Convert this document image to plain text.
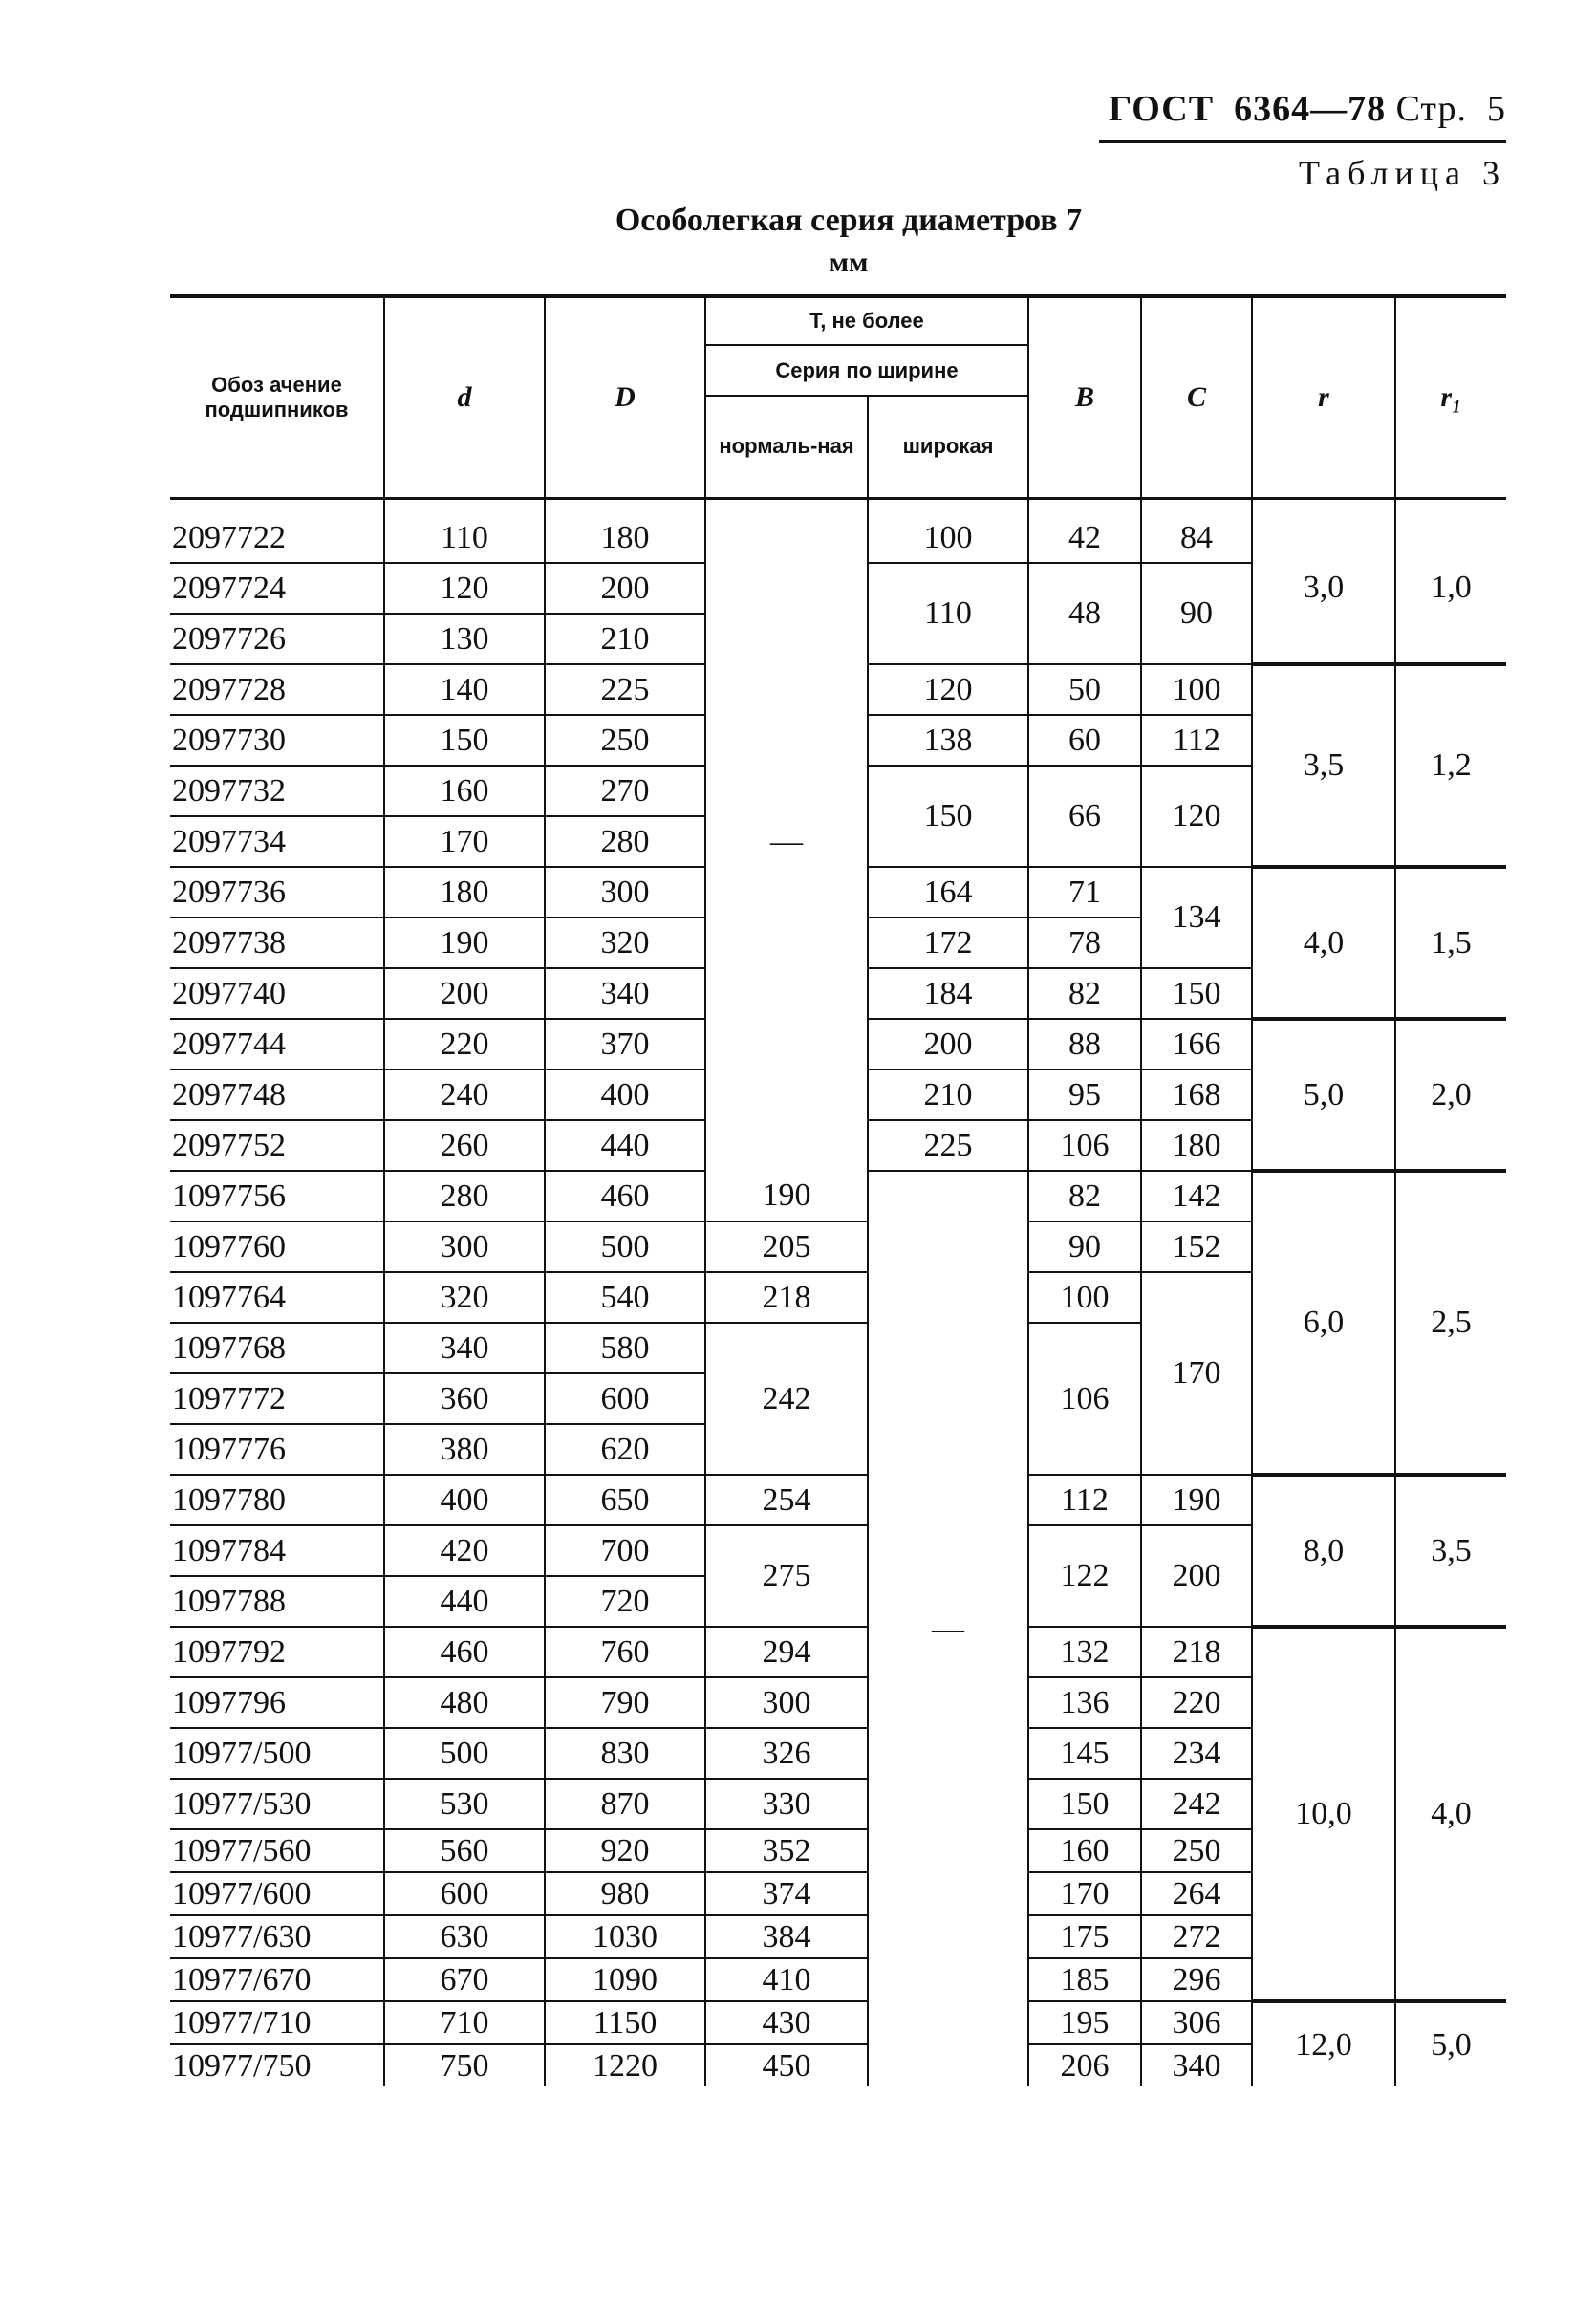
ГОСТ 6364—78 Стр. 5
Таблица 3
Особолегкая серия диаметров 7
мм
Обоз ачение подшипников	d	D	T, не более		B	C	r	r₁
			Серия по ширине					
			нормаль-ная	широкая				

2097722	110	180	—	100	42	84	3,0	1,0
2097724	120	200		110	48	90		
2097726	130	210						
2097728	140	225		120	50	100	3,5	1,2
2097730	150	250		138	60	112		
2097732	160	270		150	66	120		
2097734	170	280						
2097736	180	300		164	71	134	4,0	1,5
2097738	190	320		172	78			
2097740	200	340		184	82	150		
2097744	220	370		200	88	166	5,0	2,0
2097748	240	400		210	95	168		
2097752	260	440		225	106	180		
1097756	280	460	190	—	82	142	6,0	2,5
1097760	300	500	205		90	152		
1097764	320	540	218		100	170		
1097768	340	580	242		106			
1097772	360	600						
1097776	380	620						
1097780	400	650	254		112	190	8,0	3,5
1097784	420	700	275		122	200		
1097788	440	720						
1097792	460	760	294		132	218	10,0	4,0
1097796	480	790	300		136	220		
10977/500	500	830	326		145	234		
10977/530	530	870	330		150	242		
10977/560	560	920	352		160	250		
10977/600	600	980	374		170	264		
10977/630	630	1030	384		175	272		
10977/670	670	1090	410		185	296		
10977/710	710	1150	430		195	306	12,0	5,0
10977/750	750	1220	450		206	340		
